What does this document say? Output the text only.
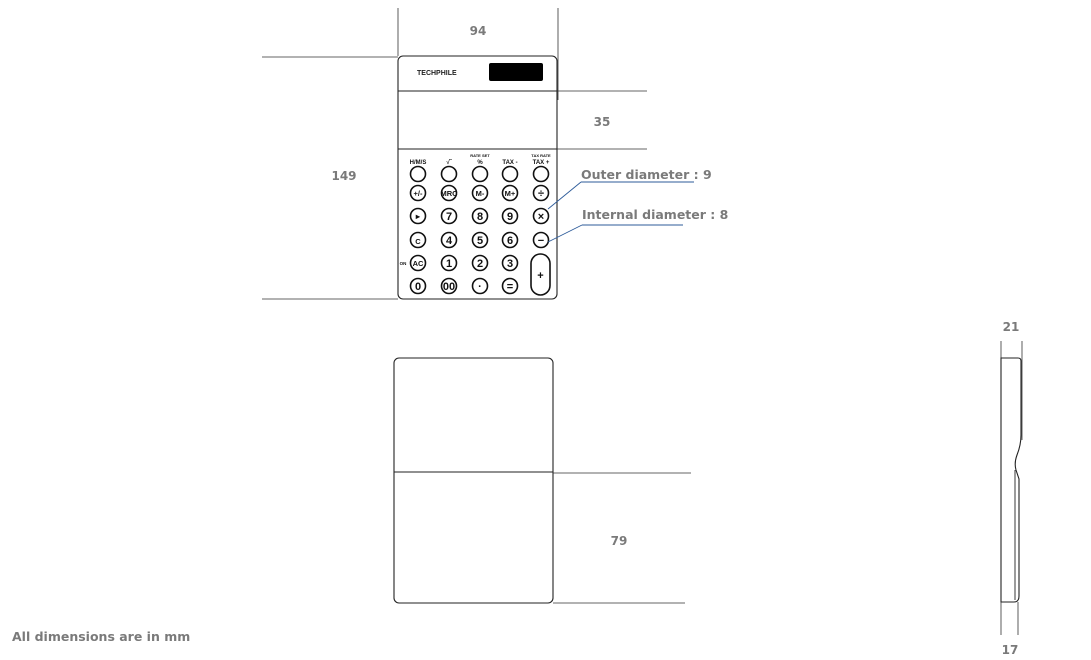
94
149
35
TECHPHILE
H/M/S	√‾
RATE SET
%	TAX -
TAX RATE
TAX +
+/- MRC M-	M+ ÷
► 7 8 9 ×
C 4 5 6 −
ON AC 1 2 3
+
0 00 · =
Outer diameter : 9
Internal diameter : 8
79
21
17

All dimensions are in mm
